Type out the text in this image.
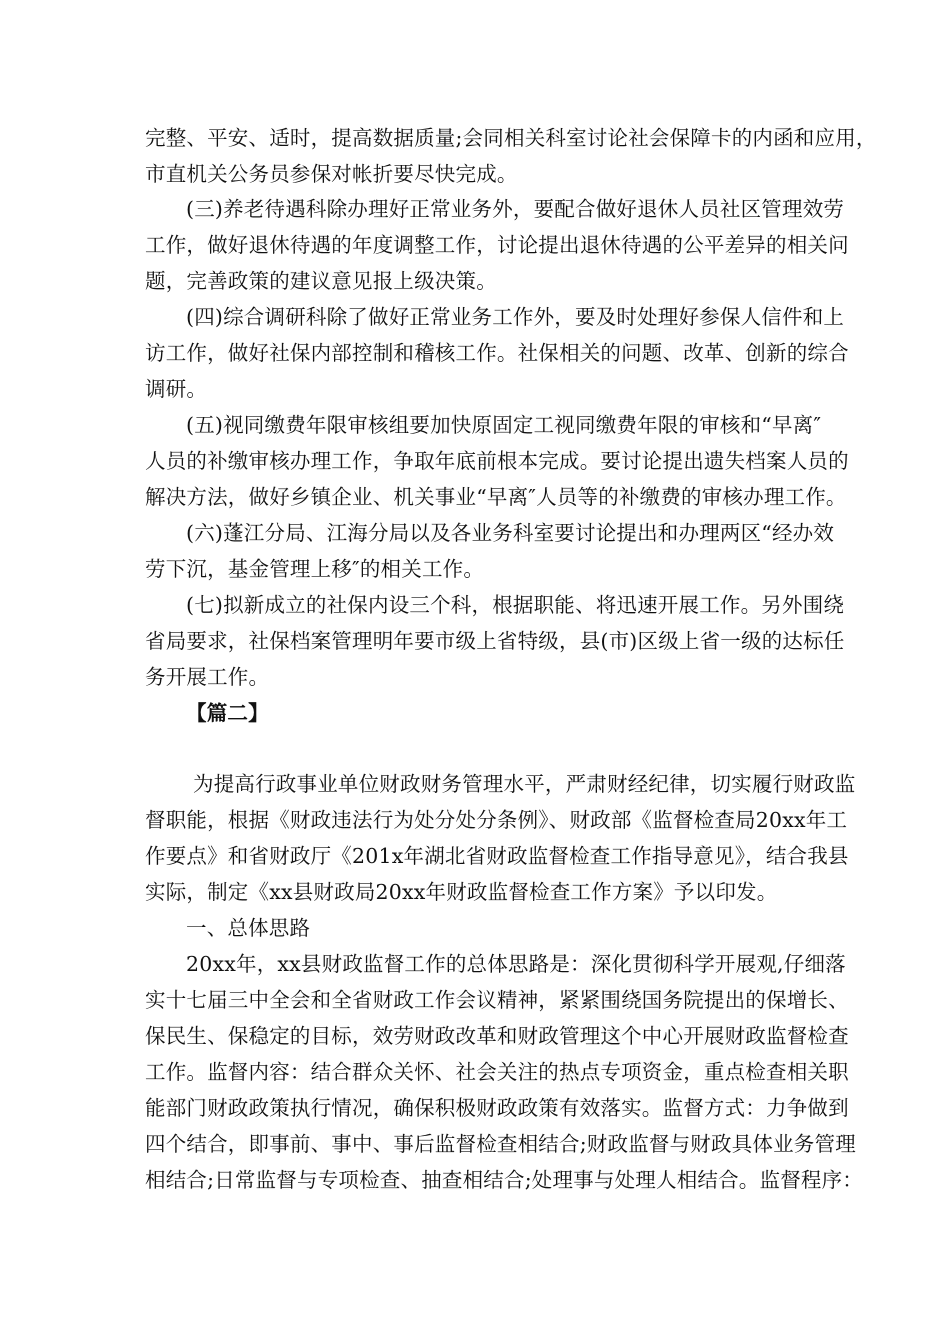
完整、平安、适时，提高数据质量;会同相关科室讨论社会保障卡的内函和应用，
市直机关公务员参保对帐折要尽快完成。
(三)养老待遇科除办理好正常业务外，要配合做好退休人员社区管理效劳
工作，做好退休待遇的年度调整工作，讨论提出退休待遇的公平差异的相关问
题，完善政策的建议意见报上级决策。
(四)综合调研科除了做好正常业务工作外，要及时处理好参保人信件和上
访工作，做好社保内部控制和稽核工作。社保相关的问题、改革、创新的综合
调研。
(五)视同缴费年限审核组要加快原固定工视同缴费年限的审核和“早离″
人员的补缴审核办理工作，争取年底前根本完成。要讨论提出遗失档案人员的
解决方法，做好乡镇企业、机关事业“早离″人员等的补缴费的审核办理工作。
(六)蓬江分局、江海分局以及各业务科室要讨论提出和办理两区“经办效
劳下沉，基金管理上移″的相关工作。
(七)拟新成立的社保内设三个科，根据职能、将迅速开展工作。另外围绕
省局要求，社保档案管理明年要市级上省特级，县(市)区级上省一级的达标任
务开展工作。
【篇二】
为提高行政事业单位财政财务管理水平，严肃财经纪律，切实履行财政监
督职能，根据《财政违法行为处分处分条例》、财政部《监督检查局20xx年工
作要点》和省财政厅《201x年湖北省财政监督检查工作指导意见》，结合我县
实际，制定《xx县财政局20xx年财政监督检查工作方案》予以印发。
一、总体思路
20xx年，xx县财政监督工作的总体思路是：深化贯彻科学开展观,仔细落
实十七届三中全会和全省财政工作会议精神，紧紧围绕国务院提出的保增长、
保民生、保稳定的目标，效劳财政改革和财政管理这个中心开展财政监督检查
工作。监督内容：结合群众关怀、社会关注的热点专项资金，重点检查相关职
能部门财政政策执行情况，确保积极财政政策有效落实。监督方式：力争做到
四个结合，即事前、事中、事后监督检查相结合;财政监督与财政具体业务管理
相结合;日常监督与专项检查、抽查相结合;处理事与处理人相结合。监督程序：
